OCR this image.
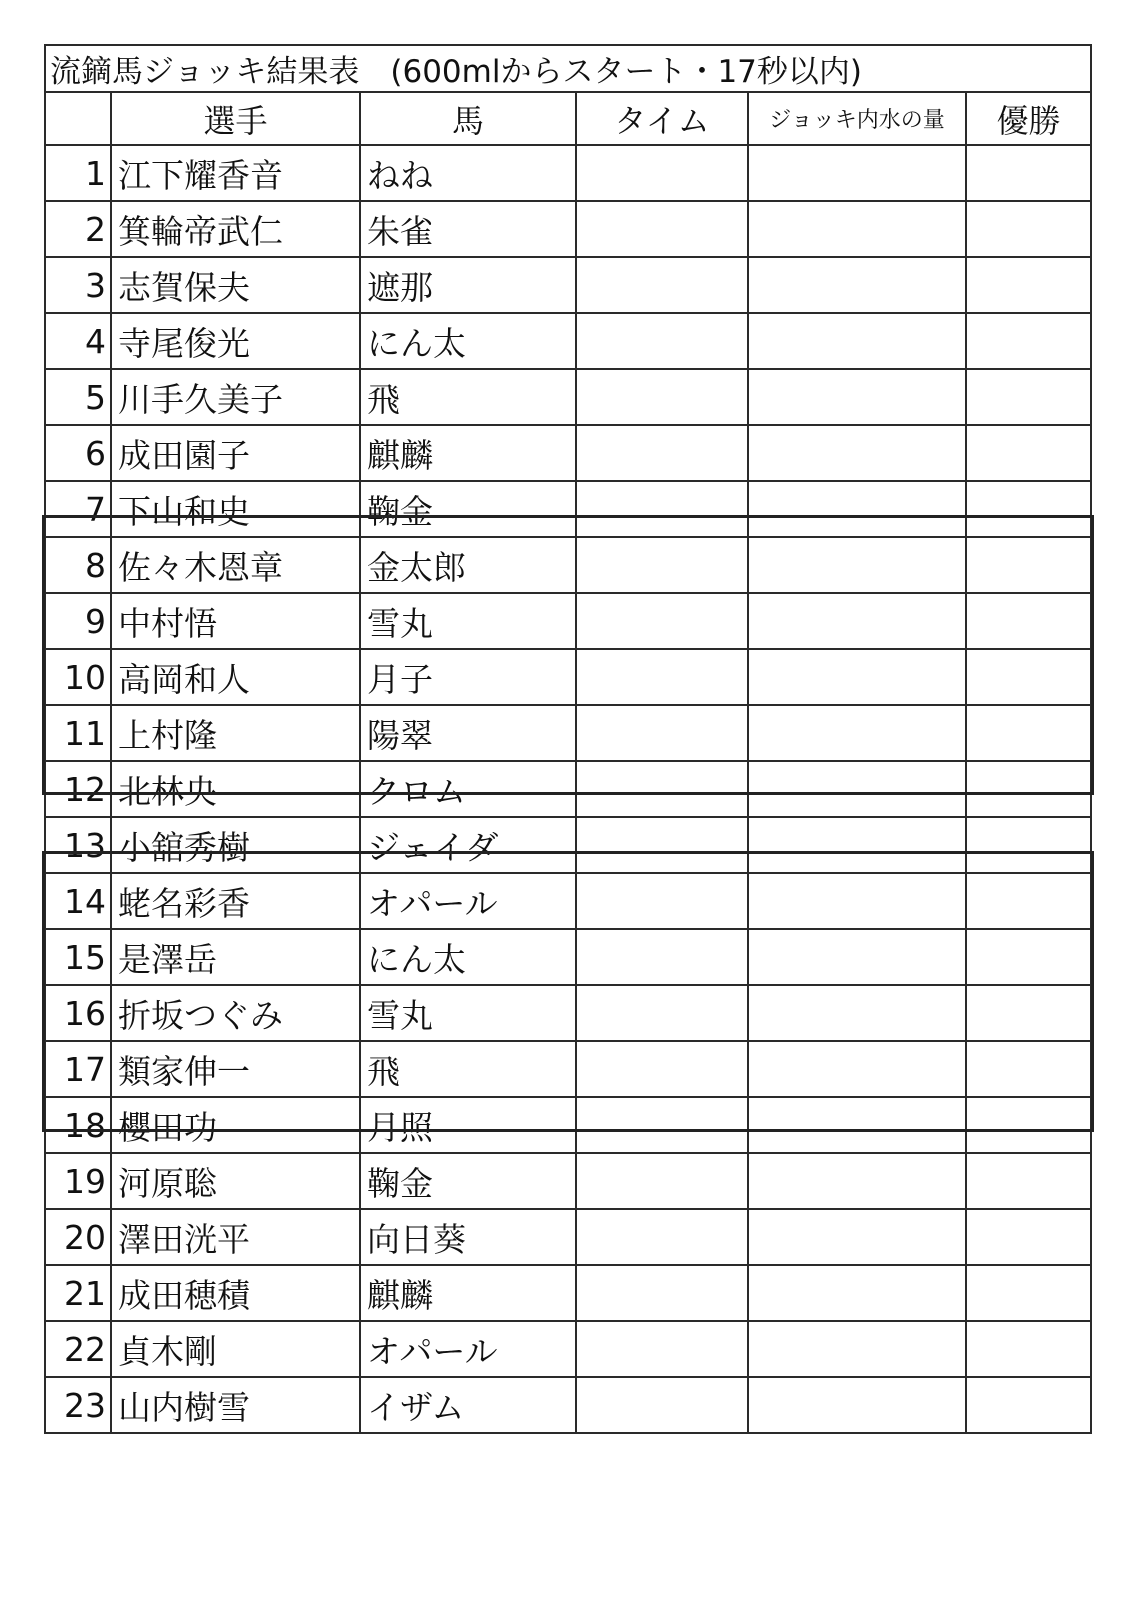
流鏑馬ジョッキ結果表　(600mlからスタート・17秒以内)					
	選手	馬	タイム	ジョッキ内水の量	優勝
1	江下耀香音	ねね			
2	箕輪帝武仁	朱雀			
3	志賀保夫	遮那			
4	寺尾俊光	にん太			
5	川手久美子	飛			
6	成田園子	麒麟			
7	下山和史	鞠金			
8	佐々木恩章	金太郎			
9	中村悟	雪丸			
10	高岡和人	月子			
11	上村隆	陽翠			
12	北林央	クロム			
13	小舘秀樹	ジェイダ			
14	蛯名彩香	オパール			
15	是澤岳	にん太			
16	折坂つぐみ	雪丸			
17	類家伸一	飛			
18	櫻田功	月照			
19	河原聡	鞠金			
20	澤田洸平	向日葵			
21	成田穂積	麒麟			
22	貞木剛	オパール			
23	山内樹雪	イザム			
